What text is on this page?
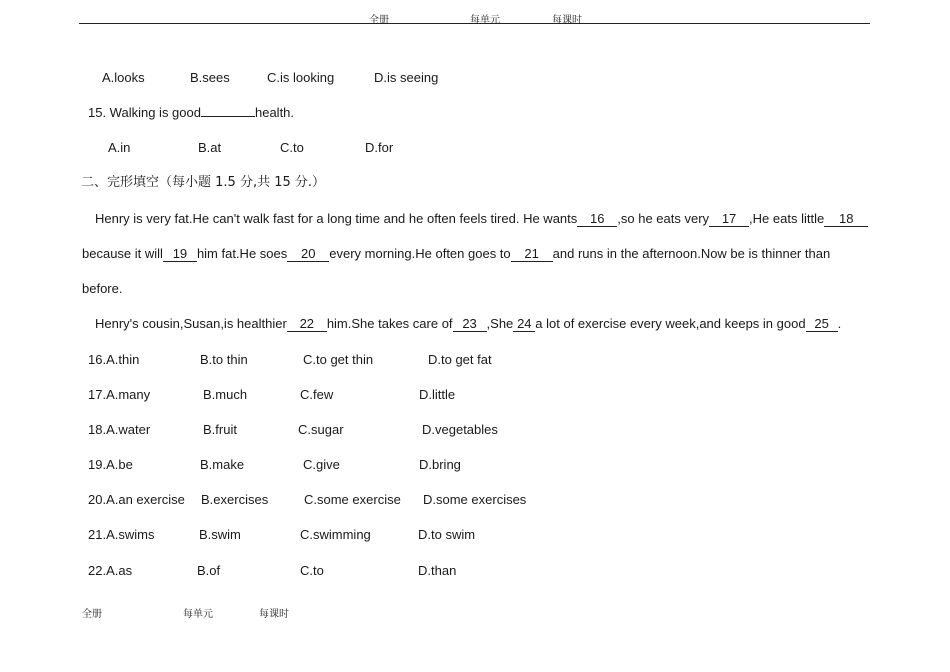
全册	每单元	每课时
A.looks	B.sees	C.is looking	D.is seeing
15. Walking is good	health.
A.in	B.at	C.to	D.for
二、完形填空（每小题 1.5 分,共 15 分.）
Henry is very fat.He can't walk fast for a long time and he often feels tired. He wants 16 ,so he eats very 17 ,He eats little 18
because it will 19 him fat.He soes 20 every morning.He often goes to 21 and runs in the afternoon.Now be is thinner than
before.
Henry's cousin,Susan,is healthier 22 him.She takes care of 23 ,She 24 a lot of exercise every week,and keeps in good 25 .
16.A.thin	B.to thin	C.to get thin	D.to get fat
17.A.many	B.much	C.few	D.little
18.A.water	B.fruit	C.sugar	D.vegetables
19.A.be	B.make	C.give	D.bring
20.A.an exercise B.exercises	C.some exercise D.some exercises
21.A.swims	B.swim	C.swimming	D.to swim
22.A.as	B.of	C.to	D.than
全册	每单元	每课时
